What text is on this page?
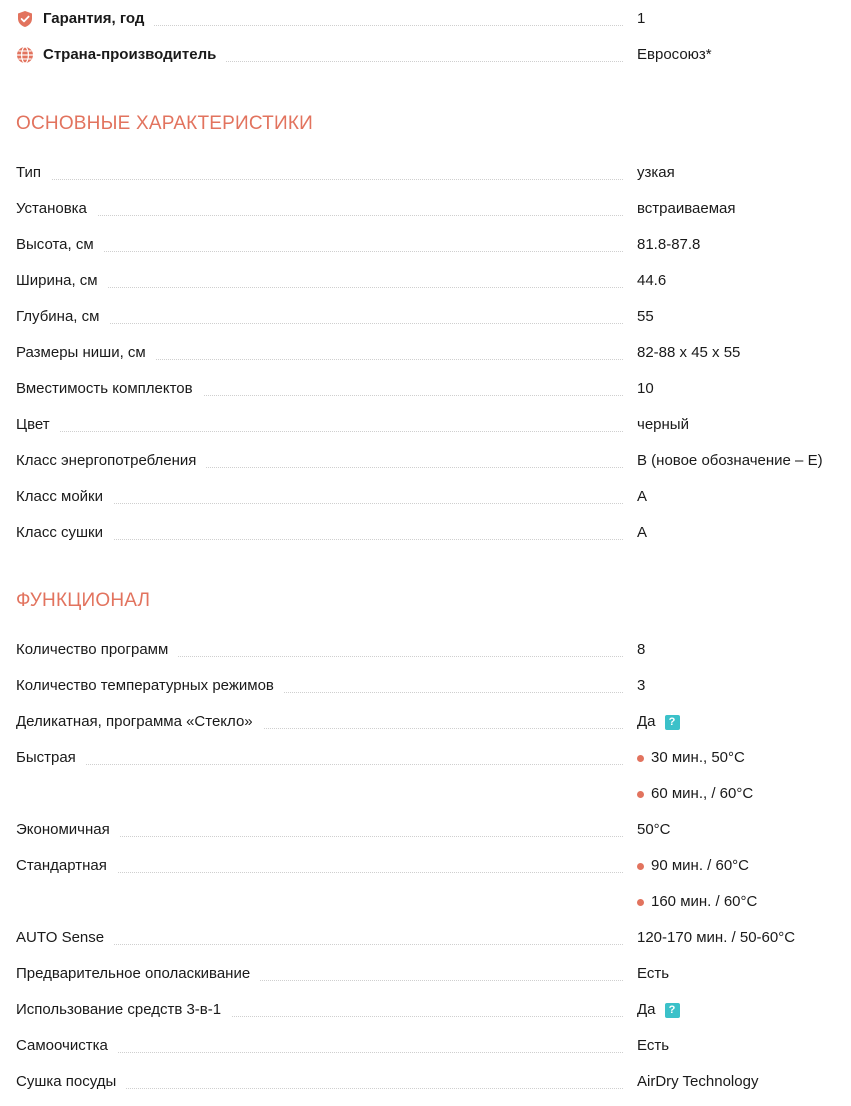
Гарантия, год	1
Страна-производитель	Евросоюз*
ОСНОВНЫЕ ХАРАКТЕРИСТИКИ
Тип	узкая
Установка	встраиваемая
Высота, см	81.8-87.8
Ширина, см	44.6
Глубина, см	55
Размеры ниши, см	82-88 x 45 x 55
Вместимость комплектов	10
Цвет	черный
Класс энергопотребления	B (новое обозначение – E)
Класс мойки	A
Класс сушки	A
ФУНКЦИОНАЛ
Количество программ	8
Количество температурных режимов	3
Деликатная, программа «Стекло»	Да	?
Быстрая	30 мин., 50°C
60 мин., / 60°C
Экономичная	50°C
Стандартная	90 мин. / 60°C
160 мин. / 60°C
AUTO Sense	120-170 мин. / 50-60°C
Предварительное ополаскивание	Есть
Использование средств 3-в-1	Да	?
Самоочистка	Есть
Сушка посуды	AirDry Technology
